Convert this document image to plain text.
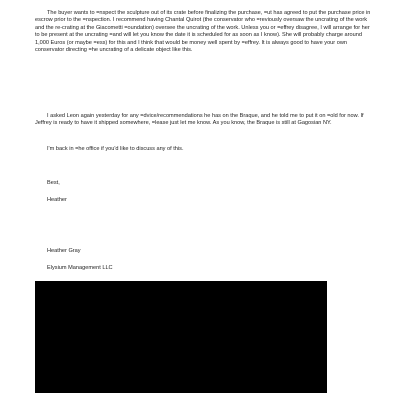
The buyer wants to =nspect the sculpture out of its crate before finalizing the purchase, =ut has agreed to put the purchase price in escrow prior to the =nspection. I recommend having Chantal Quirot (the conservator who =reviously oversaw the uncrating of the work and the re-crating at the Giacometti =oundation) oversee the uncrating of the work. Unless you or =effrey disagree, I will arrange for her to be present at the uncrating =and will let you know the date it is scheduled for as soon as I know). She will probably charge around 1,000 Euros (or maybe =ess) for this and I think that would be money well spent by =effrey. It is always good to have your own conservator directing =he uncrating of a delicate object like this.

I asked Leon again yesterday for any =dvice/recommendations he has on the Braque, and he told me to put it on =old for now. If Jeffrey is ready to have it shipped somewhere, =lease just let me know. As you know, the Braque is still at Gagosian NY.

I'm back in =he office if you'd like to discuss any of this.

Best,

Heather

Heather Gray

Elysium Management LLC
